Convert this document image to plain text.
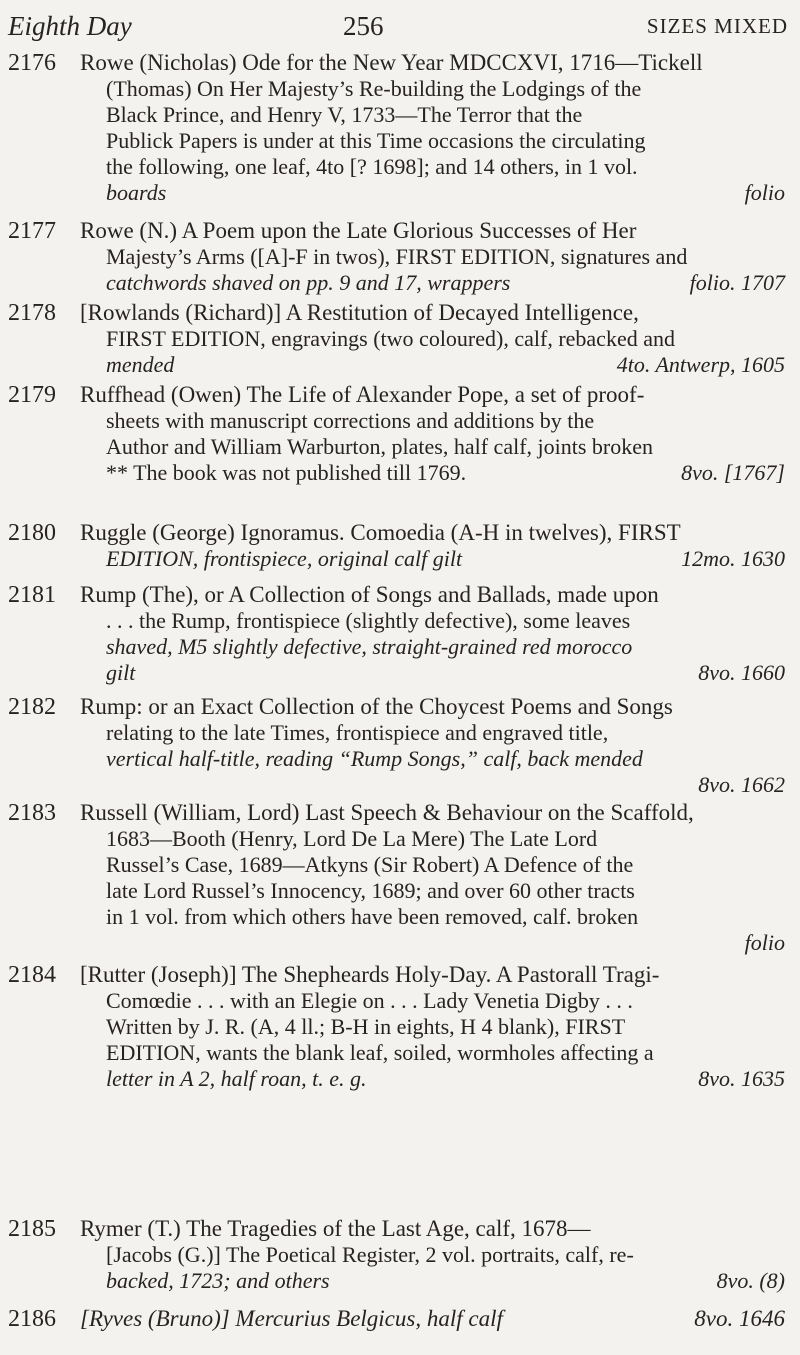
Eighth Day	256	SIZES MIXED
2176	Rowe (Nicholas) Ode for the New Year MDCCXVI, 1716—Tickell
(Thomas) On Her Majesty’s Re-building the Lodgings of the
Black Prince, and Henry V, 1733—The Terror that the
Publick Papers is under at this Time occasions the circulating
the following, one leaf, 4to [? 1698]; and 14 others, in 1 vol.
boards	folio
2177	Rowe (N.) A Poem upon the Late Glorious Successes of Her
Majesty’s Arms ([A]-F in twos), FIRST EDITION, signatures and
catchwords shaved on pp. 9 and 17, wrappers	folio. 1707
2178	[Rowlands (Richard)] A Restitution of Decayed Intelligence,
FIRST EDITION, engravings (two coloured), calf, rebacked and
mended	4to. Antwerp, 1605
2179	Ruffhead (Owen) The Life of Alexander Pope, a set of proof-
sheets with manuscript corrections and additions by the
Author and William Warburton, plates, half calf, joints broken
8vo. [1767]
** The book was not published till 1769.
2180	Ruggle (George) Ignoramus. Comoedia (A-H in twelves), FIRST
EDITION, frontispiece, original calf gilt	12mo. 1630
2181	Rump (The), or A Collection of Songs and Ballads, made upon
. . . the Rump, frontispiece (slightly defective), some leaves
shaved, M5 slightly defective, straight-grained red morocco
gilt	8vo. 1660
2182	Rump: or an Exact Collection of the Choycest Poems and Songs
relating to the late Times, frontispiece and engraved title,
vertical half-title, reading “Rump Songs,” calf, back mended
8vo. 1662
2183	Russell (William, Lord) Last Speech & Behaviour on the Scaffold,
1683—Booth (Henry, Lord De La Mere) The Late Lord
Russel’s Case, 1689—Atkyns (Sir Robert) A Defence of the
late Lord Russel’s Innocency, 1689; and over 60 other tracts
in 1 vol. from which others have been removed, calf. broken
folio
2184	[Rutter (Joseph)] The Shepheards Holy-Day. A Pastorall Tragi-
Comœdie . . . with an Elegie on . . . Lady Venetia Digby . . .
Written by J. R. (A, 4 ll.; B-H in eights, H 4 blank), FIRST
EDITION, wants the blank leaf, soiled, wormholes affecting a
letter in A 2, half roan, t. e. g.	8vo. 1635
2185	Rymer (T.) The Tragedies of the Last Age, calf, 1678—
[Jacobs (G.)] The Poetical Register, 2 vol. portraits, calf, re-
backed, 1723; and others	8vo. (8)
2186	[Ryves (Bruno)] Mercurius Belgicus, half calf	8vo. 1646
